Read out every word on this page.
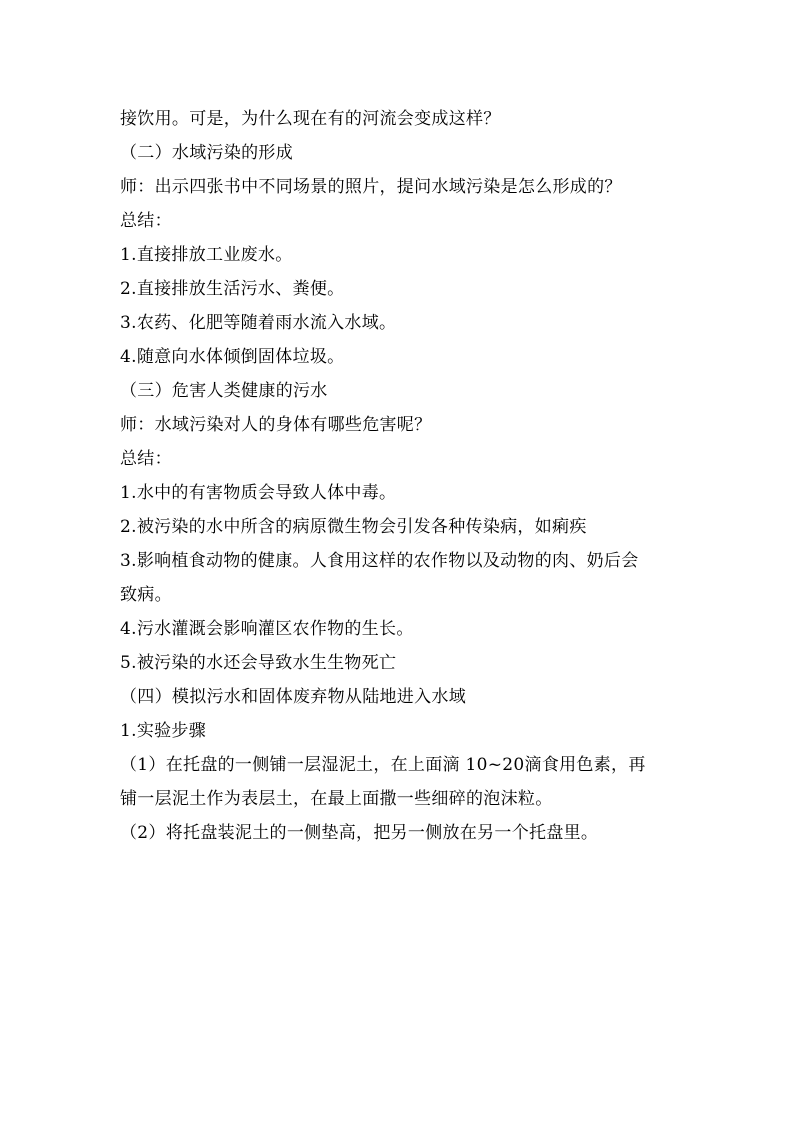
接饮用。可是，为什么现在有的河流会变成这样？
（二）水域污染的形成
师：出示四张书中不同场景的照片，提问水域污染是怎么形成的？
总结：
1.直接排放工业废水。
2.直接排放生活污水、粪便。
3.农药、化肥等随着雨水流入水域。
4.随意向水体倾倒固体垃圾。
（三）危害人类健康的污水
师：水域污染对人的身体有哪些危害呢？
总结：
1.水中的有害物质会导致人体中毒。
2.被污染的水中所含的病原微生物会引发各种传染病，如痢疾
3.影响植食动物的健康。人食用这样的农作物以及动物的肉、奶后会
致病。
4.污水灌溉会影响灌区农作物的生长。
5.被污染的水还会导致水生生物死亡
（四）模拟污水和固体废弃物从陆地进入水域
1.实验步骤
（1）在托盘的一侧铺一层湿泥土，在上面滴 10~20滴食用色素，再
铺一层泥土作为表层土，在最上面撒一些细碎的泡沫粒。
（2）将托盘装泥土的一侧垫高，把另一侧放在另一个托盘里。
